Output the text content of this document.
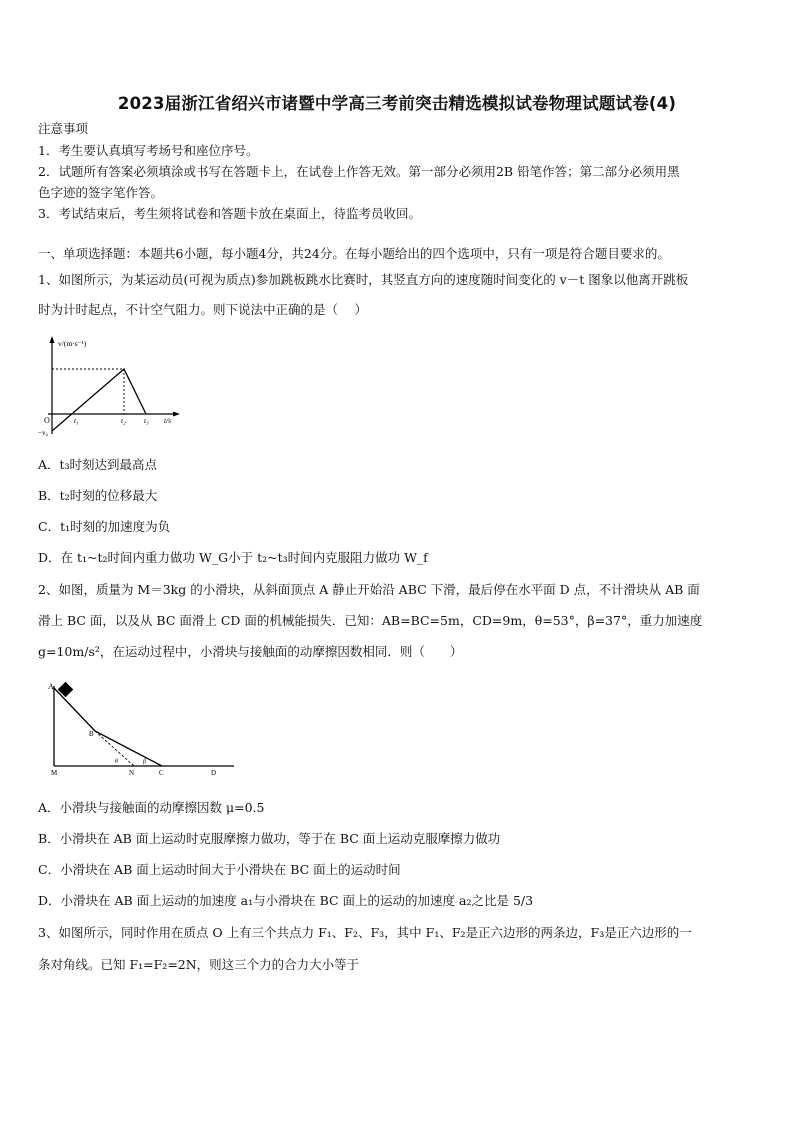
2023届浙江省绍兴市诸暨中学高三考前突击精选模拟试卷物理试题试卷(4)
注意事项
1．考生要认真填写考场号和座位序号。
2．试题所有答案必须填涂或书写在答题卡上，在试卷上作答无效。第一部分必须用2B 铅笔作答；第二部分必须用黑
色字迹的签字笔作答。
3．考试结束后，考生须将试卷和答题卡放在桌面上，待监考员收回。
一、单项选择题：本题共6小题，每小题4分，共24分。在每小题给出的四个选项中，只有一项是符合题目要求的。
1、如图所示，为某运动员(可视为质点)参加跳板跳水比赛时，其竖直方向的速度随时间变化的 v－t 图象以他离开跳板
时为计时起点，不计空气阻力。则下说法中正确的是（　 ）
v/(m·s⁻¹)
O
−v₀
t₁	t₂ t₃ t/s
A．t₃时刻达到最高点
B．t₂时刻的位移最大
C．t₁时刻的加速度为负
D．在 t₁~t₂时间内重力做功 W_G小于 t₂~t₃时间内克服阻力做功 W_f
2、如图，质量为 M＝3kg 的小滑块，从斜面顶点 A 静止开始沿 ABC 下滑，最后停在水平面 D 点，不计滑块从 AB 面
滑上 BC 面，以及从 BC 面滑上 CD 面的机械能损失．已知：AB=BC=5m，CD=9m，θ=53°，β=37°，重力加速度
g=10m/s²，在运动过程中，小滑块与接触面的动摩擦因数相同．则（　　）
A
B
M	N	C	D
θ	β
A．小滑块与接触面的动摩擦因数 μ=0.5
B．小滑块在 AB 面上运动时克服摩擦力做功，等于在 BC 面上运动克服摩擦力做功
C．小滑块在 AB 面上运动时间大于小滑块在 BC 面上的运动时间
D．小滑块在 AB 面上运动的加速度 a₁与小滑块在 BC 面上的运动的加速度 a₂之比是 5/3
3、如图所示，同时作用在质点 O 上有三个共点力 F₁、F₂、F₃，其中 F₁、F₂是正六边形的两条边，F₃是正六边形的一
条对角线。已知 F₁=F₂=2N，则这三个力的合力大小等于
